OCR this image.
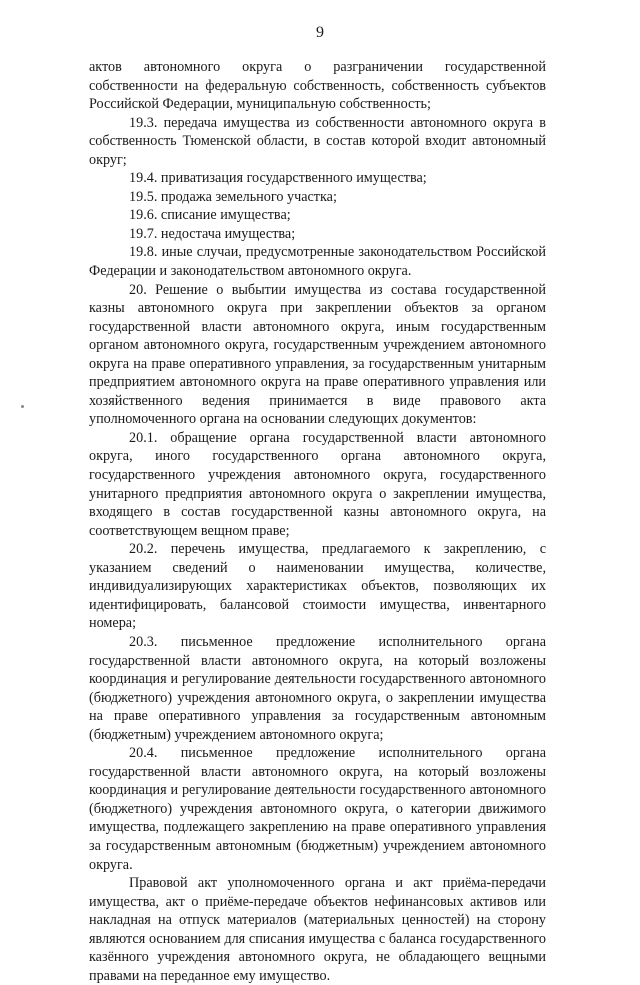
9

актов автономного округа о разграничении государственной собственности на федеральную собственность, собственность субъектов Российской Федерации, муниципальную собственность;

19.3. передача имущества из собственности автономного округа в собственность Тюменской области, в состав которой входит автономный округ;

19.4. приватизация государственного имущества;

19.5. продажа земельного участка;

19.6. списание имущества;

19.7. недостача имущества;

19.8. иные случаи, предусмотренные законодательством Российской Федерации и законодательством автономного округа.

20. Решение о выбытии имущества из состава государственной казны автономного округа при закреплении объектов за органом государственной власти автономного округа, иным государственным органом автономного округа, государственным учреждением автономного округа на праве оперативного управления, за государственным унитарным предприятием автономного округа на праве оперативного управления или хозяйственного ведения принимается в виде правового акта уполномоченного органа на основании следующих документов:

20.1. обращение органа государственной власти автономного округа, иного государственного органа автономного округа, государственного учреждения автономного округа, государственного унитарного предприятия автономного округа о закреплении имущества, входящего в состав государственной казны автономного округа, на соответствующем вещном праве;

20.2. перечень имущества, предлагаемого к закреплению, с указанием сведений о наименовании имущества, количестве, индивидуализирующих характеристиках объектов, позволяющих их идентифицировать, балансовой стоимости имущества, инвентарного номера;

20.3. письменное предложение исполнительного органа государственной власти автономного округа, на который возложены координация и регулирование деятельности государственного автономного (бюджетного) учреждения автономного округа, о закреплении имущества на праве оперативного управления за государственным автономным (бюджетным) учреждением автономного округа;

20.4. письменное предложение исполнительного органа государственной власти автономного округа, на который возложены координация и регулирование деятельности государственного автономного (бюджетного) учреждения автономного округа, о категории движимого имущества, подлежащего закреплению на праве оперативного управления за государственным автономным (бюджетным) учреждением автономного округа.

Правовой акт уполномоченного органа и акт приёма-передачи имущества, акт о приёме-передаче объектов нефинансовых активов или накладная на отпуск материалов (материальных ценностей) на сторону являются основанием для списания имущества с баланса государственного казённого учреждения автономного округа, не обладающего вещными правами на переданное ему имущество.
